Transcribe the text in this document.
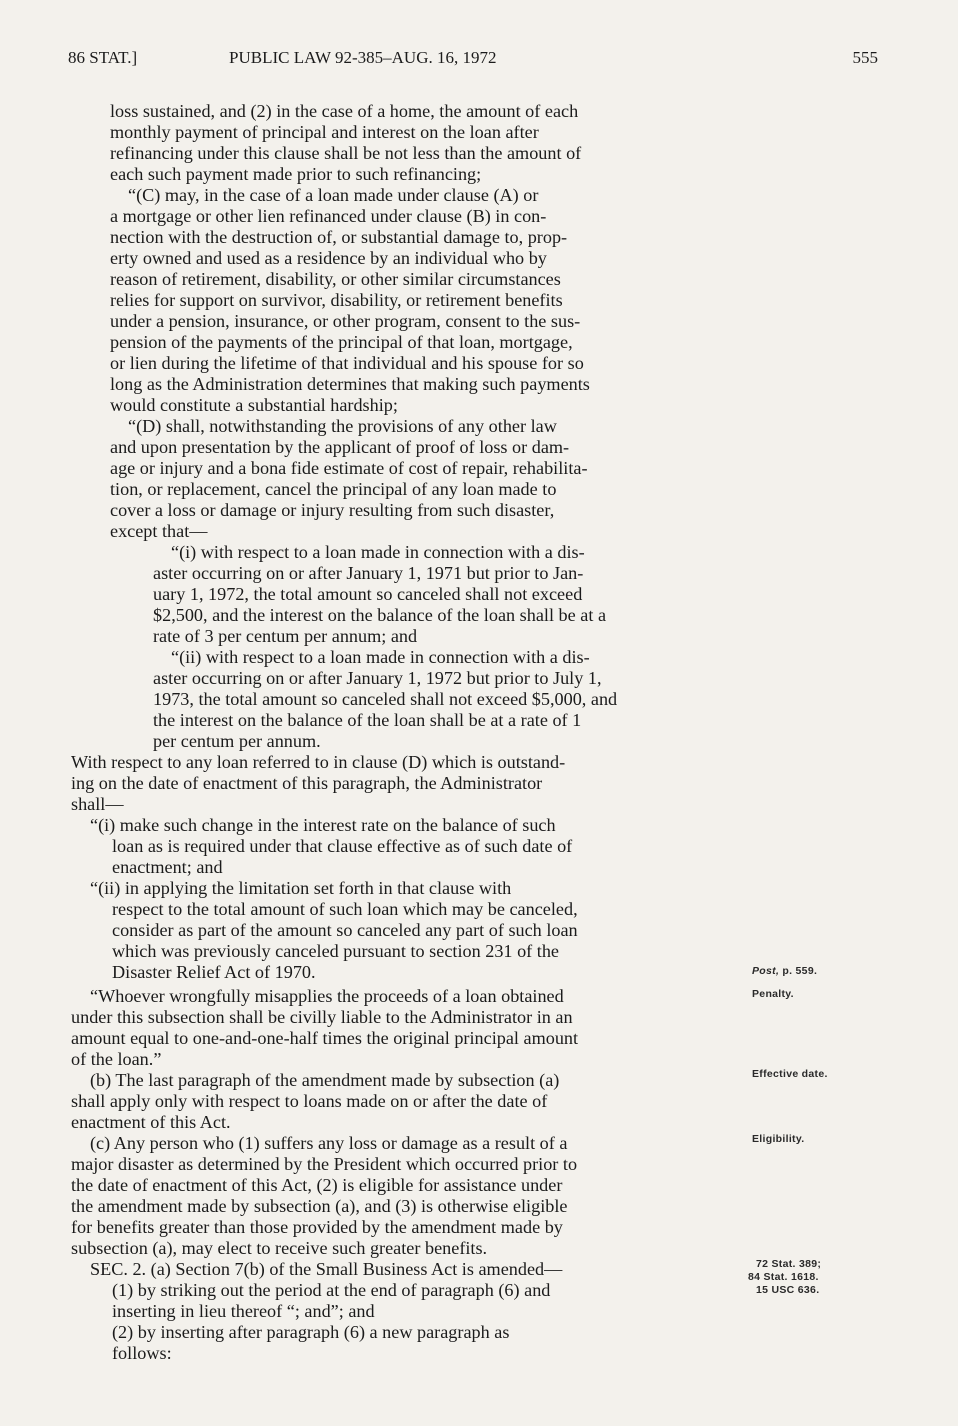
86 STAT.]	PUBLIC LAW 92-385–AUG. 16, 1972	555
loss sustained, and (2) in the case of a home, the amount of each
monthly payment of principal and interest on the loan after
refinancing under this clause shall be not less than the amount of
each such payment made prior to such refinancing;
“(C) may, in the case of a loan made under clause (A) or
a mortgage or other lien refinanced under clause (B) in con-
nection with the destruction of, or substantial damage to, prop-
erty owned and used as a residence by an individual who by
reason of retirement, disability, or other similar circumstances
relies for support on survivor, disability, or retirement benefits
under a pension, insurance, or other program, consent to the sus-
pension of the payments of the principal of that loan, mortgage,
or lien during the lifetime of that individual and his spouse for so
long as the Administration determines that making such payments
would constitute a substantial hardship;
“(D) shall, notwithstanding the provisions of any other law
and upon presentation by the applicant of proof of loss or dam-
age or injury and a bona fide estimate of cost of repair, rehabilita-
tion, or replacement, cancel the principal of any loan made to
cover a loss or damage or injury resulting from such disaster,
except that—
“(i) with respect to a loan made in connection with a dis-
aster occurring on or after January 1, 1971 but prior to Jan-
uary 1, 1972, the total amount so canceled shall not exceed
$2,500, and the interest on the balance of the loan shall be at a
rate of 3 per centum per annum; and
“(ii) with respect to a loan made in connection with a dis-
aster occurring on or after January 1, 1972 but prior to July 1,
1973, the total amount so canceled shall not exceed $5,000, and
the interest on the balance of the loan shall be at a rate of 1
per centum per annum.
With respect to any loan referred to in clause (D) which is outstand-
ing on the date of enactment of this paragraph, the Administrator
shall—
“(i) make such change in the interest rate on the balance of such
loan as is required under that clause effective as of such date of
enactment; and
“(ii) in applying the limitation set forth in that clause with
respect to the total amount of such loan which may be canceled,
consider as part of the amount so canceled any part of such loan
which was previously canceled pursuant to section 231 of the
Disaster Relief Act of 1970.
“Whoever wrongfully misapplies the proceeds of a loan obtained
under this subsection shall be civilly liable to the Administrator in an
amount equal to one-and-one-half times the original principal amount
of the loan.”
(b) The last paragraph of the amendment made by subsection (a)
shall apply only with respect to loans made on or after the date of
enactment of this Act.
(c) Any person who (1) suffers any loss or damage as a result of a
major disaster as determined by the President which occurred prior to
the date of enactment of this Act, (2) is eligible for assistance under
the amendment made by subsection (a), and (3) is otherwise eligible
for benefits greater than those provided by the amendment made by
subsection (a), may elect to receive such greater benefits.
SEC. 2. (a) Section 7(b) of the Small Business Act is amended—
(1) by striking out the period at the end of paragraph (6) and
inserting in lieu thereof “; and”; and
(2) by inserting after paragraph (6) a new paragraph as
follows:
Post, p. 559.
Penalty.
Effective date.
Eligibility.
72 Stat. 389;
84 Stat. 1618.
15 USC 636.
